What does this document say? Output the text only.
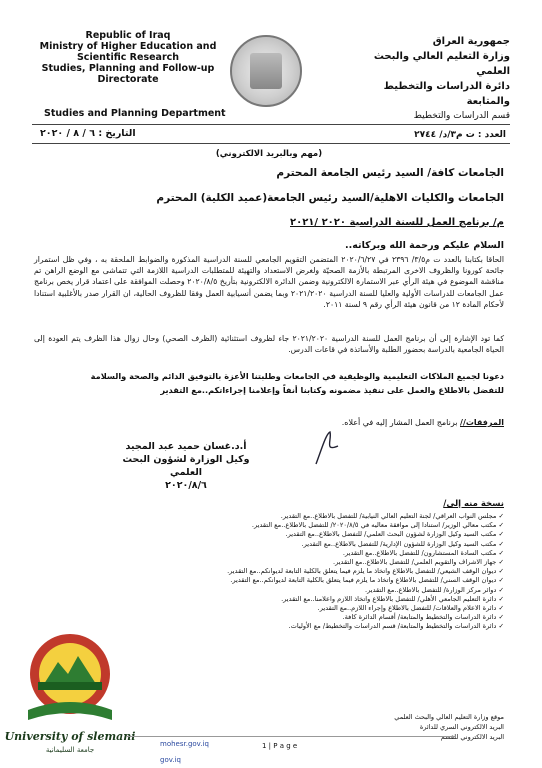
Republic of Iraq
Ministry of Higher Education and
Scientific Research
Studies, Planning and Follow-up
Directorate
Studies and Planning Department
جمهورية العراق
وزارة التعليم العالي والبحث العلمي
دائرة الدراسات والتخطيط والمتابعة
قسم الدراسات والتخطيط
العدد : ت م٣/د/ ٢٧٤٤
التاريخ : ٦ / ٨ / ٢٠٢٠
(مهم وبالبريد الالكتروني)
الجامعات كافة/ السيد رئيس الجامعة المحترم
الجامعات والكليات الاهلية/السيد رئيس الجامعة(عميد الكلية) المحترم
م/ برنامج العمل للسنة الدراسية ٢٠٢٠ /٢٠٢١
السلام عليكم ورحمة الله وبركاته..
الحاقا بكتابنا بالعدد ت م٣/٥/ ٢٣٩٦ في ٢٠٢٠/٦/٢٧ المتضمن التقويم الجامعي للسنة الدراسية المذكورة والضوابط الملحقة به ، وفي ظل استمرار جائحة كورونا والظروف الاخرى المرتبطة بالأزمة الصحيّة ولغرض الاستعداد والتهيئة للمتطلبات الدراسية اللازمة التي تتماشى مع الوضع الراهن تم مناقشة الموضوع في هيئة الرأي عبر الاستمارة الالكترونية وضمن الدائرة الالكترونية بتأريخ ٢٠٢٠/٨/٥ وحصلت الموافقة على اعتماد قرار يخص برنامج عمل الجامعات للدراسات الأولية والعليا للسنة الدراسية ٢٠٢١/٢٠٢٠ وبما يضمن أنسيابية العمل وفقا للظروف الحالية، ان القرار صدر بالأغلبية استنادا لأحكام المادة ١٢ من قانون هيئة الرأي رقم ٩ لسنة ٢٠١١.
كما تود الإشارة إلى أن برنامج العمل للسنة الدراسية ٢٠٢١/٢٠٢٠ جاء لظروف استثنائية (الظرف الصحي) وحال زوال هذا الظرف يتم العودة إلى الحياة الجامعية بالدراسة بحضور الطلبة والأساتذة في قاعات الدرس.
دعونا لجميع الملاكات التعليمية والوظيفية في الجامعات وطلبتنا الأعزة بالتوفيق الدائم والصحة والسلامة
للتفضل بالاطلاع والعمل على تنفيذ مضمونه وكتابنا أنفاً وإعلامنا إجراءاتكم..مع التقدير
المرفقات// برنامج العمل المشار إليه في أعلاه.
أ.د.غسان حميد عبد المجيد
وكيل الوزارة لشؤون البحث العلمي
٢٠٢٠/٨/٦
نسخة منه إلى/
✓ مجلس النواب العراقي/ لجنة التعليم العالي النيابية/ للتفضل بالاطلاع..مع التقدير.
✓ مكتب معالي الوزير/ استنادا إلى موافقة معاليه في ٢٠٢٠/٨/٥/ للتفضل بالاطلاع..مع التقدير.
✓ مكتب السيد وكيل الوزارة لشؤون البحث العلمي/ للتفضل بالاطلاع..مع التقدير.
✓ مكتب السيد وكيل الوزارة للشؤون الإدارية/ للتفضل بالاطلاع..مع التقدير.
✓ مكتب السادة المستشارون/ للتفضل بالاطلاع..مع التقدير.
✓ جهاز الاشراف والتقويم العلمي/ للتفضل بالاطلاع..مع التقدير.
✓ ديوان الوقف الشيعي/ للتفضل بالاطلاع واتخاذ ما يلزم فيما يتعلق بالكلية التابعة لديوانكم..مع التقدير.
✓ ديوان الوقف السني/ للتفضل بالاطلاع واتخاذ ما يلزم فيما يتعلق بالكلية التابعة لديوانكم..مع التقدير.
✓ دوائر مركز الوزارة/ للتفضل بالاطلاع..مع التقدير.
✓ دائرة التعليم الجامعي الأهلي/ للتفضل بالاطلاع واتخاذ اللازم واعلامنا..مع التقدير.
✓ دائرة الاعلام والعلاقات/ للتفضل بالاطلاع وإجراء اللازم..مع التقدير.
✓ دائرة الدراسات والتخطيط والمتابعة/ أقسام الدائرة كافة.
✓ دائرة الدراسات والتخطيط والمتابعة/ قسم الدراسات والتخطيط/ مع الأوليات.
University of slemani
جامعة السليمانية
موقع وزارة التعليم العالي والبحث العلمي
البريد الالكتروني السري للدائرة
البريد الالكتروني للقسم
mohesr.gov.iq
gov.iq
1 | P a g e
